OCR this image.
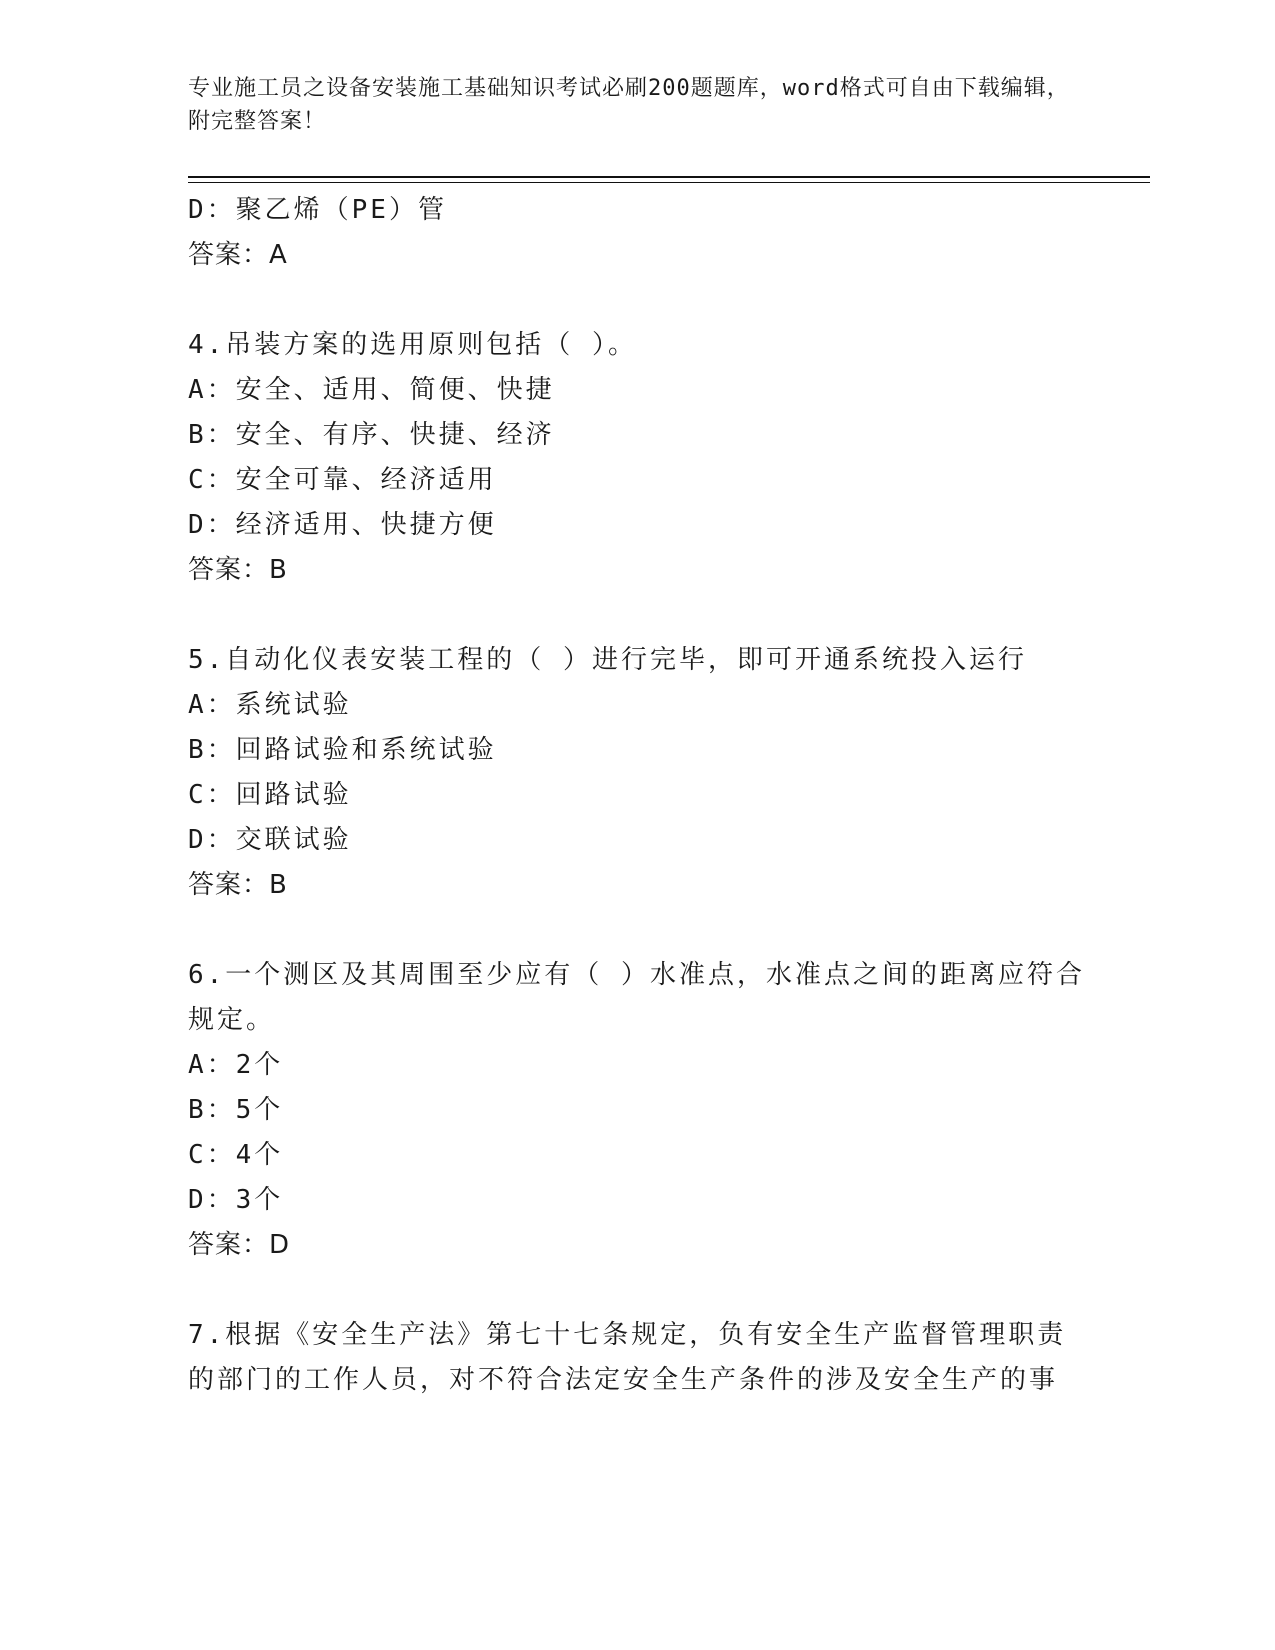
专业施工员之设备安装施工基础知识考试必刷200题题库，word格式可自由下载编辑，附完整答案！
D：聚乙烯（PE）管
答案：A
4.吊装方案的选用原则包括（ ）。
A：安全、适用、简便、快捷
B：安全、有序、快捷、经济
C：安全可靠、经济适用
D：经济适用、快捷方便
答案：B
5.自动化仪表安装工程的（ ）进行完毕，即可开通系统投入运行
A：系统试验
B：回路试验和系统试验
C：回路试验
D：交联试验
答案：B
6.一个测区及其周围至少应有（ ）水准点，水准点之间的距离应符合规定。
A：2个
B：5个
C：4个
D：3个
答案：D
7.根据《安全生产法》第七十七条规定，负有安全生产监督管理职责的部门的工作人员，对不符合法定安全生产条件的涉及安全生产的事
